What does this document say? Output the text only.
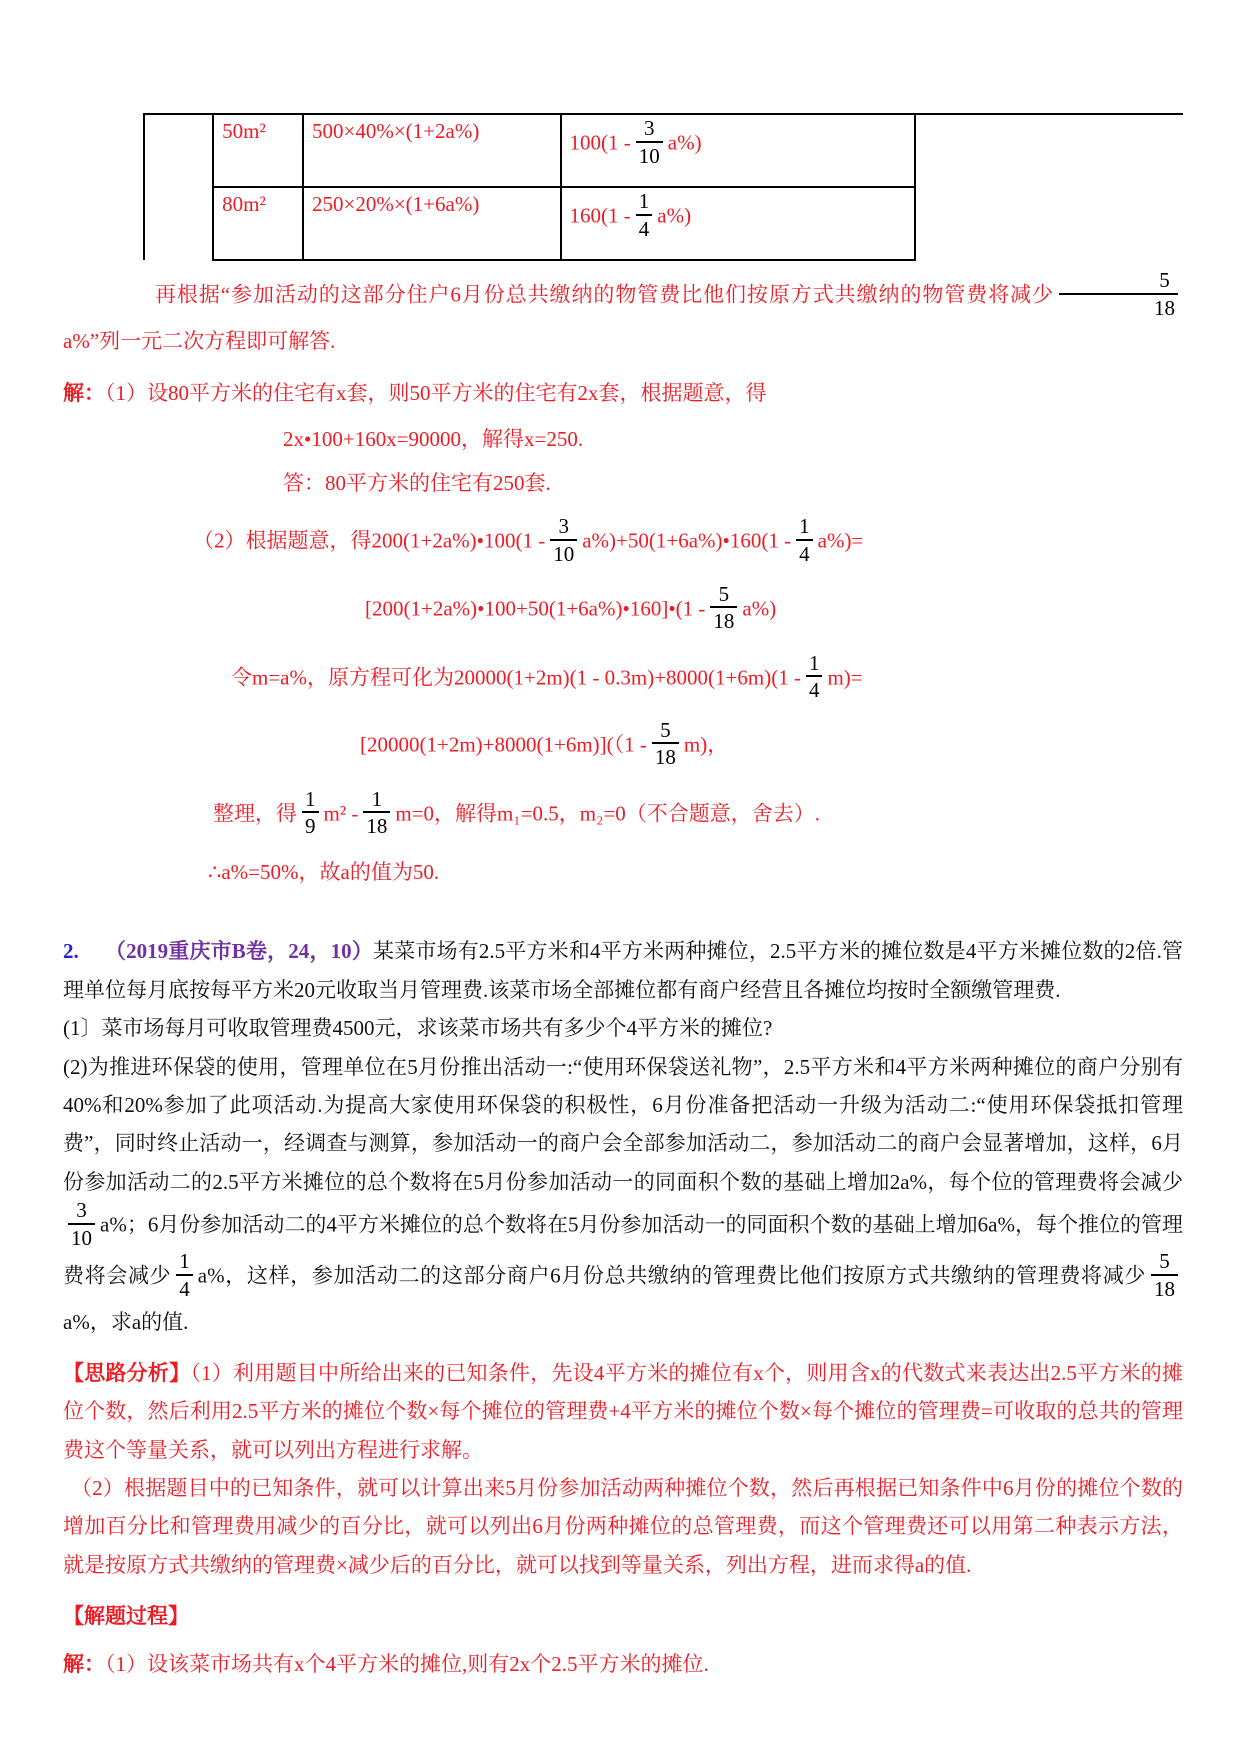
	50m²	500×40%×(1+2a%)	$100(1 - \frac{3}{10} a\%)$	
	80m²	250×20%×(1+6a%)	$160(1 - \frac{1}{4} a\%)$	

再根据“参加活动的这部分住户6月份总共缴纳的物管费比他们按原方式共缴纳的物管费将减少 $\frac{5}{18}$
a%”列一元二次方程即可解答.

解：（1）设80平方米的住宅有x套，则50平方米的住宅有2x套，根据题意，得

2x•100+160x=90000，解得x=250.

答：80平方米的住宅有250套.

（2）根据题意，得200(1+2a%)•100(1 - $\frac{3}{10}$ a%)+50(1+6a%)•160(1 - $\frac{1}{4} a\%)=$

[200(1+2a%)•100+50(1+6a%)•160]•(1 - $\frac{5}{18} a\%$)

令m=a%，原方程可化为$20000(1+2m)(1 - 0.3m)+8000(1+6m)(1 - \frac{1}{4} m)=$

$[20000(1+2m)+8000(1+6m)]((1 - \frac{5}{18} m)$，

整理，得 $\frac{1}{9} m^2 - \frac{1}{18} m=0$，解得m₁=0.5，m₂=0（不合题意，舍去）.

∴a%=50%，故a的值为50.

2. （2019重庆市B卷，24，10）某菜市场有2.5平方米和4平方米两种摊位，2.5平方米的摊位数是4平方米摊位数的2倍.管理单位每月底按每平方米20元收取当月管理费.该菜市场全部摊位都有商户经营且各摊位均按时全额缴管理费.

(1〕菜市场每月可收取管理费4500元，求该菜市场共有多少个4平方米的摊位?

(2)为推进环保袋的使用，管理单位在5月份推出活动一:“使用环保袋送礼物”，2.5平方米和4平方米两种摊位的商户分别有40%和20%参加了此项活动.为提高大家使用环保袋的积极性，6月份准备把活动一升级为活动二:“使用环保袋抵扣管理费”，同时终止活动一，经调查与测算，参加活动一的商户会全部参加活动二，参加活动二的商户会显著增加，这样，6月份参加活动二的2.5平方米摊位的总个数将在5月份参加活动一的同面积个数的基础上增加2a%，每个位的管理费将会减少
$\frac{3}{10} a\%$；6月份参加活动二的4平方米摊位的总个数将在5月份参加活动一的同面积个数的基础上增加6a%，每个推位的管理费将会减少 $\frac{1}{4} a\%$，这样，参加活动二的这部分商户6月份总共缴纳的管理费比他们按原方式共缴纳的管理费将减少 $\frac{5}{18}$
a%，求a的值.

【思路分析】（1）利用题目中所给出来的已知条件，先设4平方米的摊位有x个，则用含x的代数式来表达出2.5平方米的摊位个数，然后利用2.5平方米的摊位个数×每个摊位的管理费+4平方米的摊位个数×每个摊位的管理费=可收取的总共的管理费这个等量关系，就可以列出方程进行求解。

（2）根据题目中的已知条件，就可以计算出来5月份参加活动两种摊位个数，然后再根据已知条件中6月份的摊位个数的增加百分比和管理费用减少的百分比，就可以列出6月份两种摊位的总管理费，而这个管理费还可以用第二种表示方法，就是按原方式共缴纳的管理费×减少后的百分比，就可以找到等量关系，列出方程，进而求得a的值.

【解题过程】

解：（1）设该菜市场共有x个4平方米的摊位,则有2x个2.5平方米的摊位.
